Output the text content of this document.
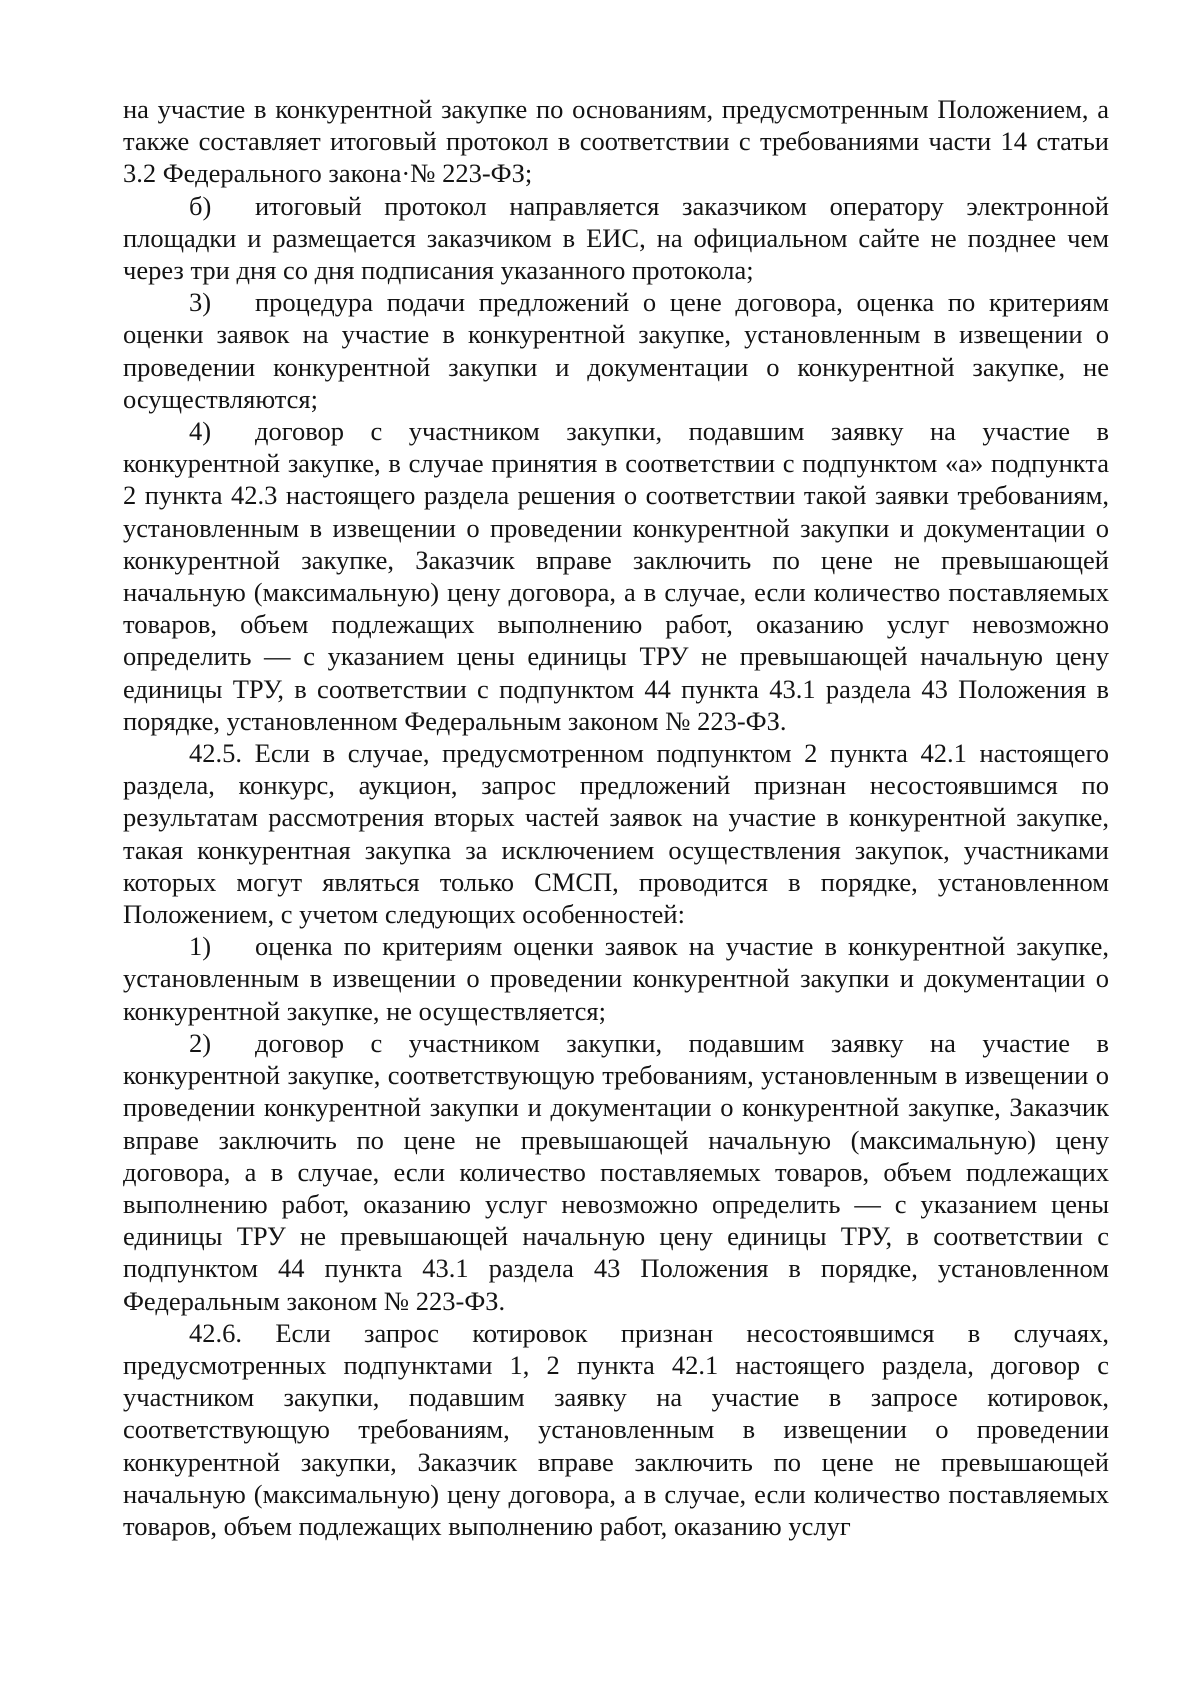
на участие в конкурентной закупке по основаниям, предусмотренным Положением, а также составляет итоговый протокол в соответствии с требованиями части 14 статьи 3.2 Федерального закона·№ 223-ФЗ;

б) итоговый протокол направляется заказчиком оператору электронной площадки и размещается заказчиком в ЕИС, на официальном сайте не позднее чем через три дня со дня подписания указанного протокола;

3) процедура подачи предложений о цене договора, оценка по критериям оценки заявок на участие в конкурентной закупке, установленным в извещении о проведении конкурентной закупки и документации о конкурентной закупке, не осуществляются;

4) договор с участником закупки, подавшим заявку на участие в конкурентной закупке, в случае принятия в соответствии с подпунктом «а» подпункта 2 пункта 42.3 настоящего раздела решения о соответствии такой заявки требованиям, установленным в извещении о проведении конкурентной закупки и документации о конкурентной закупке, Заказчик вправе заключить по цене не превышающей начальную (максимальную) цену договора, а в случае, если количество поставляемых товаров, объем подлежащих выполнению работ, оказанию услуг невозможно определить — с указанием цены единицы ТРУ не превышающей начальную цену единицы ТРУ, в соответствии с подпунктом 44 пункта 43.1 раздела 43 Положения в порядке, установленном Федеральным законом № 223-ФЗ.

42.5. Если в случае, предусмотренном подпунктом 2 пункта 42.1 настоящего раздела, конкурс, аукцион, запрос предложений признан несостоявшимся по результатам рассмотрения вторых частей заявок на участие в конкурентной закупке, такая конкурентная закупка за исключением осуществления закупок, участниками которых могут являться только СМСП, проводится в порядке, установленном Положением, с учетом следующих особенностей:

1) оценка по критериям оценки заявок на участие в конкурентной закупке, установленным в извещении о проведении конкурентной закупки и документации о конкурентной закупке, не осуществляется;

2) договор с участником закупки, подавшим заявку на участие в конкурентной закупке, соответствующую требованиям, установленным в извещении о проведении конкурентной закупки и документации о конкурентной закупке, Заказчик вправе заключить по цене не превышающей начальную (максимальную) цену договора, а в случае, если количество поставляемых товаров, объем подлежащих выполнению работ, оказанию услуг невозможно определить — с указанием цены единицы ТРУ не превышающей начальную цену единицы ТРУ, в соответствии с подпунктом 44 пункта 43.1 раздела 43 Положения в порядке, установленном Федеральным законом № 223-ФЗ.

42.6. Если запрос котировок признан несостоявшимся в случаях, предусмотренных подпунктами 1, 2 пункта 42.1 настоящего раздела, договор с участником закупки, подавшим заявку на участие в запросе котировок, соответствующую требованиям, установленным в извещении о проведении конкурентной закупки, Заказчик вправе заключить по цене не превышающей начальную (максимальную) цену договора, а в случае, если количество поставляемых товаров, объем подлежащих выполнению работ, оказанию услуг
